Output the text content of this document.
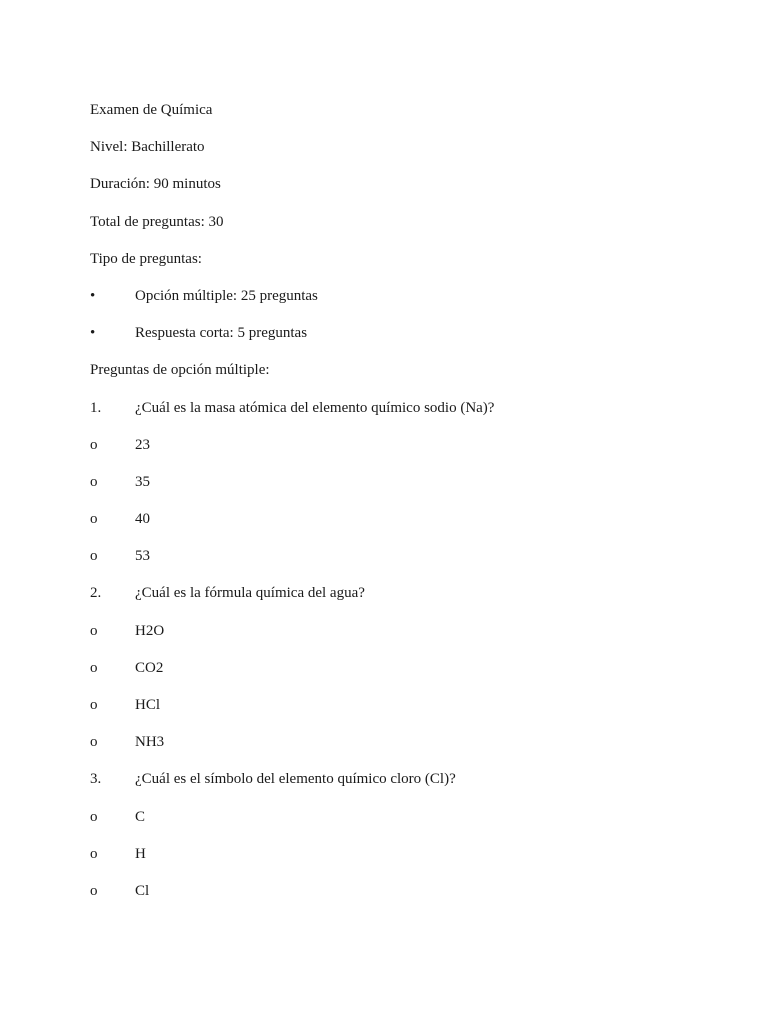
Examen de Química
Nivel: Bachillerato
Duración: 90 minutos
Total de preguntas: 30
Tipo de preguntas:
•	Opción múltiple: 25 preguntas
•	Respuesta corta: 5 preguntas
Preguntas de opción múltiple:
1.	¿Cuál es la masa atómica del elemento químico sodio (Na)?
o	23
o	35
o	40
o	53
2.	¿Cuál es la fórmula química del agua?
o	H2O
o	CO2
o	HCl
o	NH3
3.	¿Cuál es el símbolo del elemento químico cloro (Cl)?
o	C
o	H
o	Cl
